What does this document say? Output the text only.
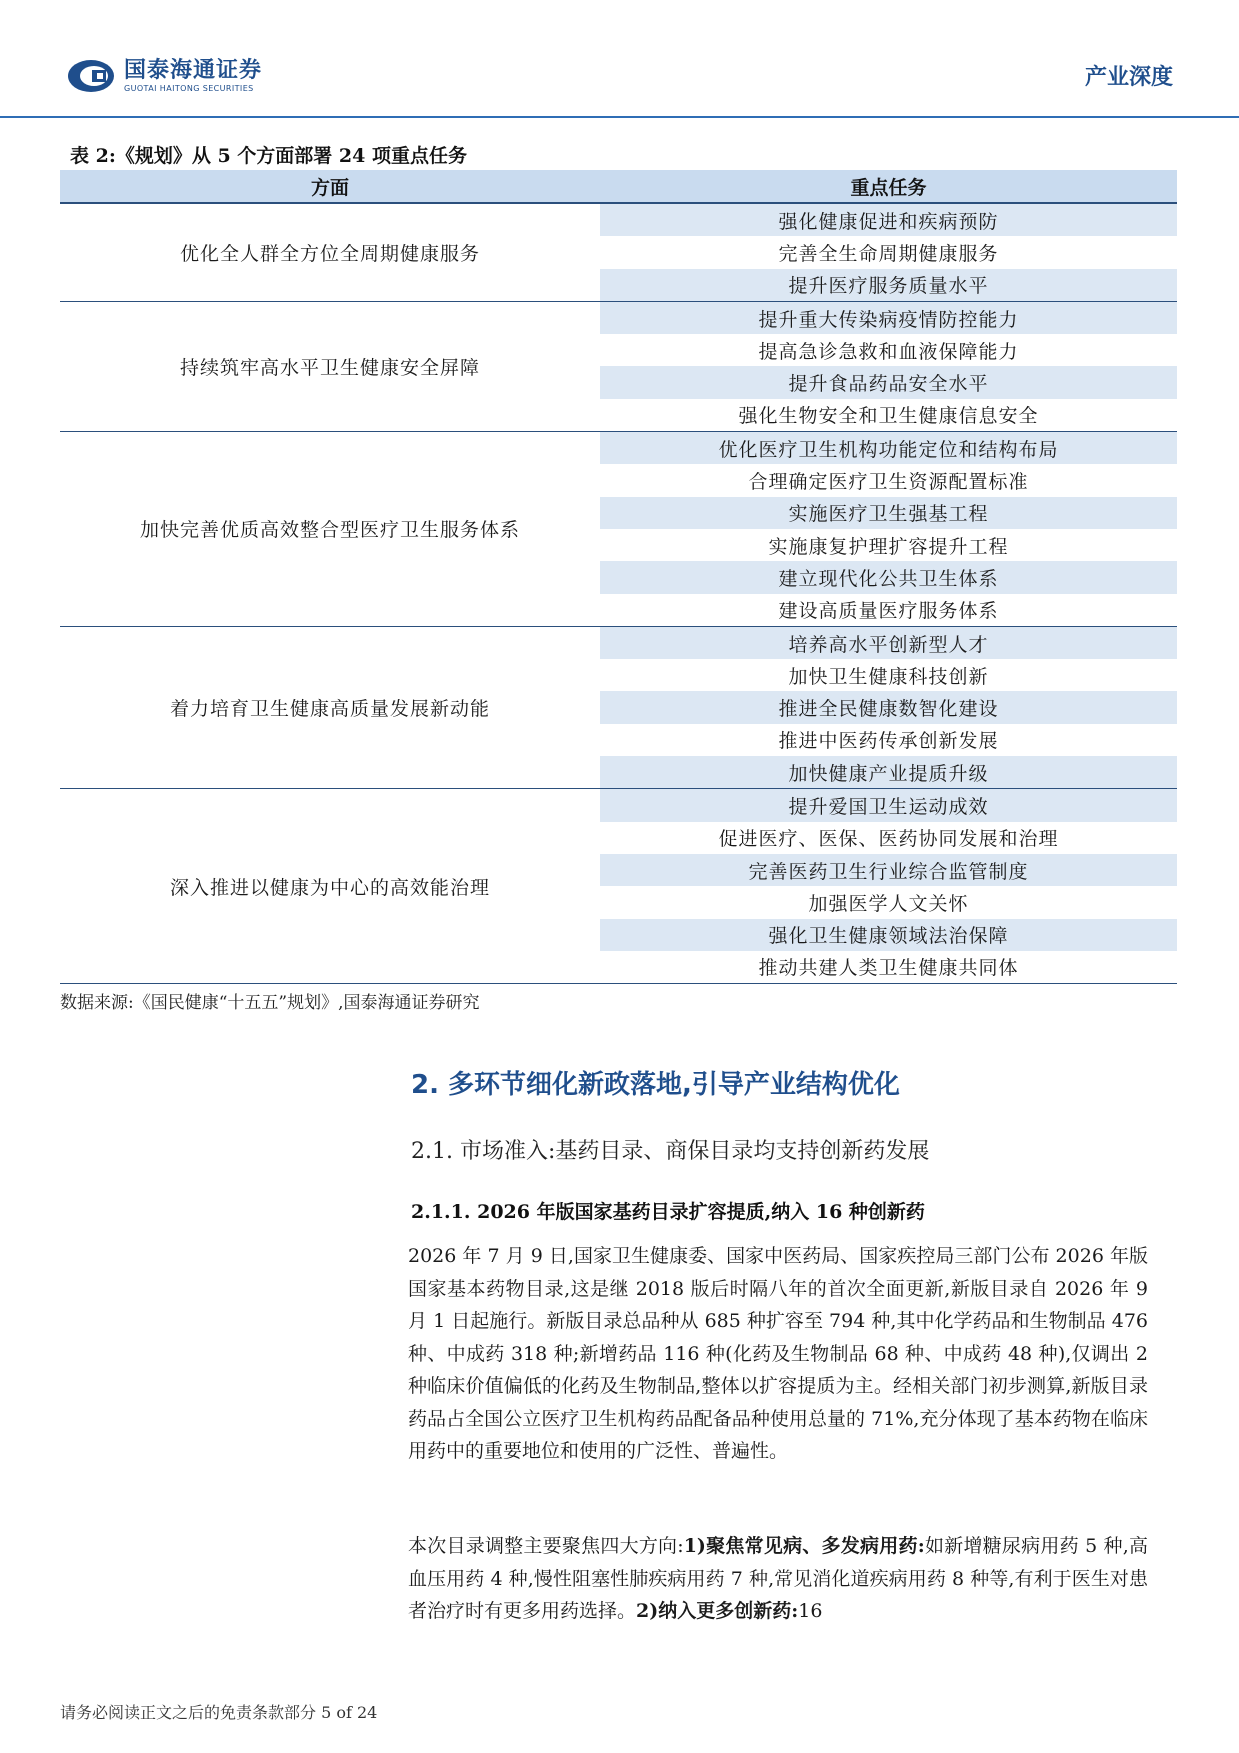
国泰海通证券
GUOTAI HAITONG SECURITIES	产业深度
表 2:《规划》从 5 个方面部署 24 项重点任务
方面	重点任务
优化全人群全方位全周期健康服务	强化健康促进和疾病预防
	完善全生命周期健康服务
	提升医疗服务质量水平
持续筑牢高水平卫生健康安全屏障	提升重大传染病疫情防控能力
	提高急诊急救和血液保障能力
	提升食品药品安全水平
	强化生物安全和卫生健康信息安全
加快完善优质高效整合型医疗卫生服务体系	优化医疗卫生机构功能定位和结构布局
	合理确定医疗卫生资源配置标准
	实施医疗卫生强基工程
	实施康复护理扩容提升工程
	建立现代化公共卫生体系
	建设高质量医疗服务体系
着力培育卫生健康高质量发展新动能	培养高水平创新型人才
	加快卫生健康科技创新
	推进全民健康数智化建设
	推进中医药传承创新发展
	加快健康产业提质升级
深入推进以健康为中心的高效能治理	提升爱国卫生运动成效
	促进医疗、医保、医药协同发展和治理
	完善医药卫生行业综合监管制度
	加强医学人文关怀
	强化卫生健康领域法治保障
	推动共建人类卫生健康共同体
数据来源:《国民健康“十五五”规划》,国泰海通证券研究
2. 多环节细化新政落地,引导产业结构优化
2.1. 市场准入:基药目录、商保目录均支持创新药发展
2.1.1. 2026 年版国家基药目录扩容提质,纳入 16 种创新药
2026 年 7 月 9 日,国家卫生健康委、国家中医药局、国家疾控局三部门公布 2026 年版国家基本药物目录,这是继 2018 版后时隔八年的首次全面更新,新版目录自 2026 年 9 月 1 日起施行。新版目录总品种从 685 种扩容至 794 种,其中化学药品和生物制品 476 种、中成药 318 种;新增药品 116 种(化药及生物制品 68 种、中成药 48 种),仅调出 2 种临床价值偏低的化药及生物制品,整体以扩容提质为主。经相关部门初步测算,新版目录药品占全国公立医疗卫生机构药品配备品种使用总量的 71%,充分体现了基本药物在临床用药中的重要地位和使用的广泛性、普遍性。
本次目录调整主要聚焦四大方向:1)聚焦常见病、多发病用药:如新增糖尿病用药 5 种,高血压用药 4 种,慢性阻塞性肺疾病用药 7 种,常见消化道疾病用药 8 种等,有利于医生对患者治疗时有更多用药选择。2)纳入更多创新药:16
请务必阅读正文之后的免责条款部分 5 of 24
